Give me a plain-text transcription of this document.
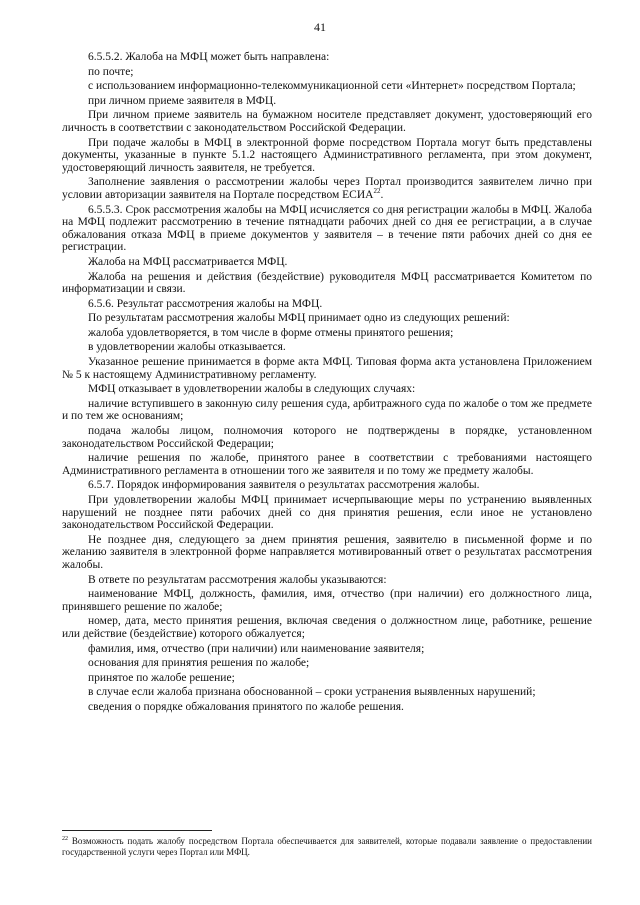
41

6.5.5.2. Жалоба на МФЦ может быть направлена:

по почте;

с использованием информационно-телекоммуникационной сети «Интернет» посредством Портала;

при личном приеме заявителя в МФЦ.

При личном приеме заявитель на бумажном носителе представляет документ, удостоверяющий его личность в соответствии с законодательством Российской Федерации.

При подаче жалобы в МФЦ в электронной форме посредством Портала могут быть представлены документы, указанные в пункте 5.1.2 настоящего Административного регламента, при этом документ, удостоверяющий личность заявителя, не требуется.

Заполнение заявления о рассмотрении жалобы через Портал производится заявителем лично при условии авторизации заявителя на Портале посредством ЕСИА$^{22}$.

6.5.5.3. Срок рассмотрения жалобы на МФЦ исчисляется со дня регистрации жалобы в МФЦ. Жалоба на МФЦ подлежит рассмотрению в течение пятнадцати рабочих дней со дня ее регистрации, а в случае обжалования отказа МФЦ в приеме документов у заявителя – в течение пяти рабочих дней со дня ее регистрации.

Жалоба на МФЦ рассматривается МФЦ.

Жалоба на решения и действия (бездействие) руководителя МФЦ рассматривается Комитетом по информатизации и связи.

6.5.6. Результат рассмотрения жалобы на МФЦ.

По результатам рассмотрения жалобы МФЦ принимает одно из следующих решений:

жалоба удовлетворяется, в том числе в форме отмены принятого решения;

в удовлетворении жалобы отказывается.

Указанное решение принимается в форме акта МФЦ. Типовая форма акта установлена Приложением № 5 к настоящему Административному регламенту.

МФЦ отказывает в удовлетворении жалобы в следующих случаях:

наличие вступившего в законную силу решения суда, арбитражного суда по жалобе о том же предмете и по тем же основаниям;

подача жалобы лицом, полномочия которого не подтверждены в порядке, установленном законодательством Российской Федерации;

наличие решения по жалобе, принятого ранее в соответствии с требованиями настоящего Административного регламента в отношении того же заявителя и по тому же предмету жалобы.

6.5.7. Порядок информирования заявителя о результатах рассмотрения жалобы.

При удовлетворении жалобы МФЦ принимает исчерпывающие меры по устранению выявленных нарушений не позднее пяти рабочих дней со дня принятия решения, если иное не установлено законодательством Российской Федерации.

Не позднее дня, следующего за днем принятия решения, заявителю в письменной форме и по желанию заявителя в электронной форме направляется мотивированный ответ о результатах рассмотрения жалобы.

В ответе по результатам рассмотрения жалобы указываются:

наименование МФЦ, должность, фамилия, имя, отчество (при наличии) его должностного лица, принявшего решение по жалобе;

номер, дата, место принятия решения, включая сведения о должностном лице, работнике, решение или действие (бездействие) которого обжалуется;

фамилия, имя, отчество (при наличии) или наименование заявителя;

основания для принятия решения по жалобе;

принятое по жалобе решение;

в случае если жалоба признана обоснованной – сроки устранения выявленных нарушений;

сведения о порядке обжалования принятого по жалобе решения.

$^{22}$ Возможность подать жалобу посредством Портала обеспечивается для заявителей, которые подавали заявление о предоставлении государственной услуги через Портал или МФЦ.
